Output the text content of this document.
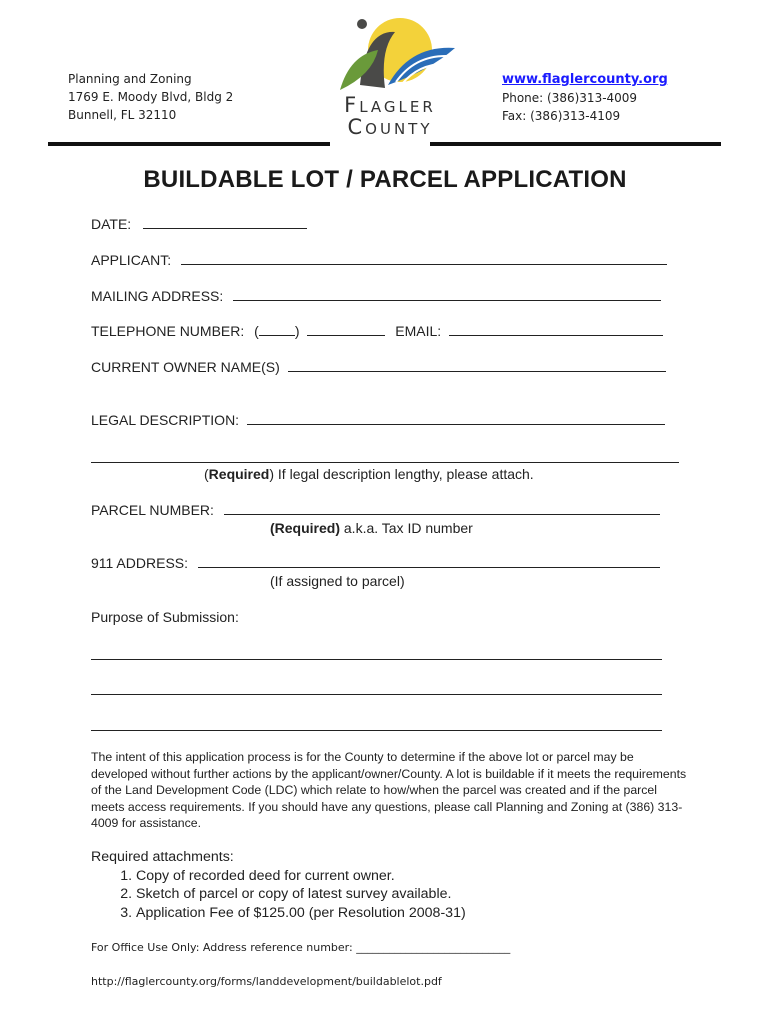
Planning and Zoning
1769 E. Moody Blvd, Bldg 2
Bunnell, FL 32110	Flagler
County
www.flaglercounty.org
Phone: (386)313-4009
Fax: (386)313-4109
BUILDABLE LOT / PARCEL APPLICATION
DATE:
APPLICANT:
MAILING ADDRESS:
TELEPHONE NUMBER: (	)	EMAIL:
CURRENT OWNER NAME(S)
LEGAL DESCRIPTION:
(Required) If legal description lengthy, please attach.
PARCEL NUMBER:
(Required) a.k.a. Tax ID number
911 ADDRESS:
(If assigned to parcel)
Purpose of Submission:
The intent of this application process is for the County to determine if the above lot or parcel may be developed without further actions by the applicant/owner/County. A lot is buildable if it meets the requirements of the Land Development Code (LDC) which relate to how/when the parcel was created and if the parcel meets access requirements. If you should have any questions, please call Planning and Zoning at (386) 313-4009 for assistance.
Required attachments:
1. Copy of recorded deed for current owner.
2. Sketch of parcel or copy of latest survey available.
3. Application Fee of $125.00 (per Resolution 2008-31)
For Office Use Only: Address reference number: ____________________________
http://flaglercounty.org/forms/landdevelopment/buildablelot.pdf
